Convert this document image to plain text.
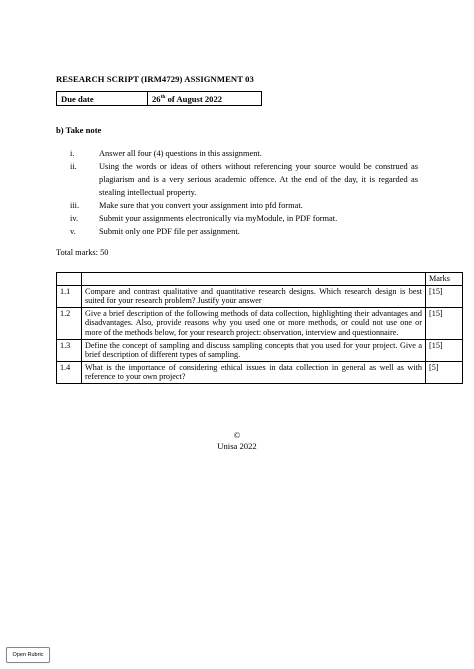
RESEARCH SCRIPT (IRM4729) ASSIGNMENT 03
Due date	26th of August 2022
b) Take note
i.	Answer all four (4) questions in this assignment.
ii.	Using the words or ideas of others without referencing your source would be construed as plagiarism and is a very serious academic offence. At the end of the day, it is regarded as stealing intellectual property.
iii.	Make sure that you convert your assignment into pfd format.
iv.	Submit your assignments electronically via myModule, in PDF format.
v.	Submit only one PDF file per assignment.
Total marks: 50
		Marks
1.1	Compare and contrast qualitative and quantitative research designs. Which research design is best suited for your research problem? Justify your answer	[15]
1.2	Give a brief description of the following methods of data collection, highlighting their advantages and disadvantages. Also, provide reasons why you used one or more methods, or could not use one or more of the methods below, for your research project: observation, interview and questionnaire.	[15]
1.3	Define the concept of sampling and discuss sampling concepts that you used for your project. Give a brief description of different types of sampling.	[15]
1.4	What is the importance of considering ethical issues in data collection in general as well as with reference to your own project?	[5]
©
Unisa 2022
Open Rubric
